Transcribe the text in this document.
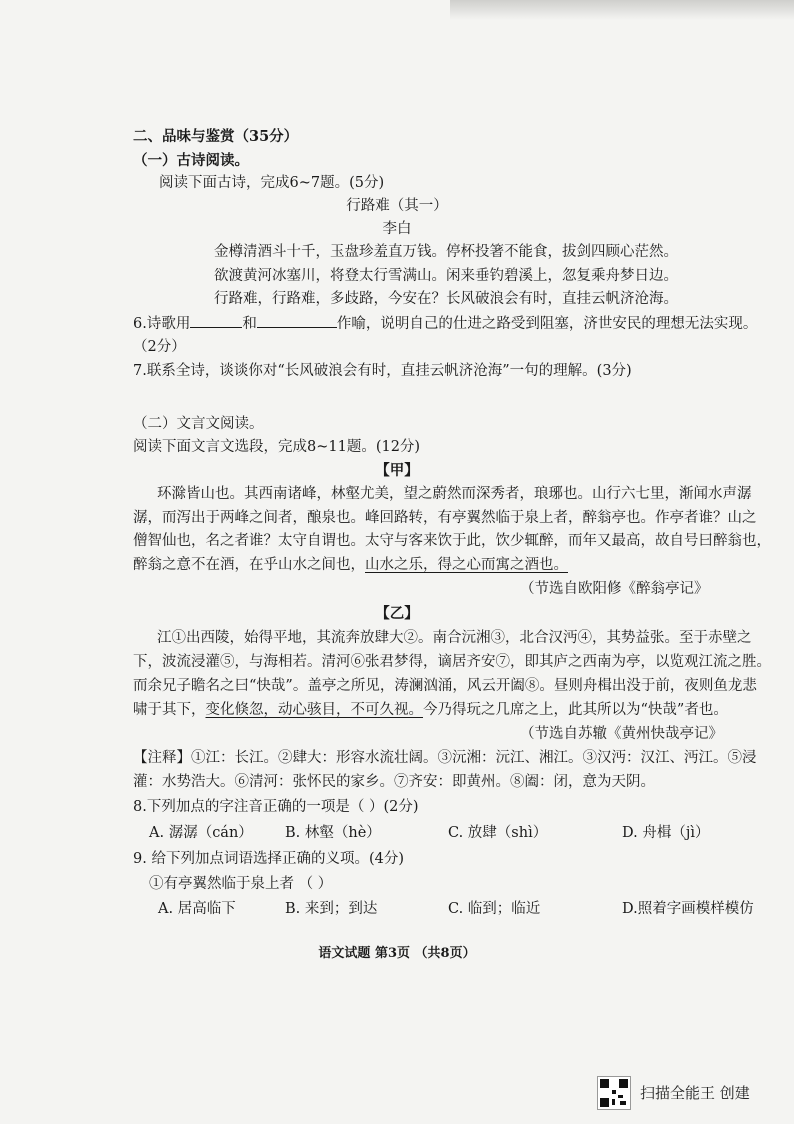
二、品味与鉴赏（35分）
（一）古诗阅读。
阅读下面古诗，完成6~7题。(5分)
行路难（其一）
李白
金樽清酒斗十千，玉盘珍羞直万钱。停杯投箸不能食，拔剑四顾心茫然。
欲渡黄河冰塞川，将登太行雪满山。闲来垂钓碧溪上，忽复乘舟梦日边。
行路难，行路难，多歧路，今安在？长风破浪会有时，直挂云帆济沧海。
6.诗歌用	和	作喻，说明自己的仕进之路受到阻塞，济世安民的理想无法实现。
（2分）
7.联系全诗，谈谈你对“长风破浪会有时，直挂云帆济沧海”一句的理解。(3分)
（二）文言文阅读。
阅读下面文言文选段，完成8~11题。(12分)
【甲】
环滁皆山也。其西南诸峰，林壑尤美，望之蔚然而深秀者，琅琊也。山行六七里，渐闻水声潺
潺，而泻出于两峰之间者，酿泉也。峰回路转，有亭翼然临于泉上者，醉翁亭也。作亭者谁？山之
僧智仙也，名之者谁？太守自谓也。太守与客来饮于此，饮少辄醉，而年又最高，故自号曰醉翁也，
醉翁之意不在酒，在乎山水之间也，山水之乐，得之心而寓之酒也。
（节选自欧阳修《醉翁亭记》
【乙】
江①出西陵，始得平地，其流奔放肆大②。南合沅湘③，北合汉沔④，其势益张。至于赤壁之
下，波流浸灌⑤，与海相若。清河⑥张君梦得，谪居齐安⑦，即其庐之西南为亭，以览观江流之胜。
而余兄子瞻名之曰“快哉”。盖亭之所见，涛澜汹涌，风云开阖⑧。昼则舟楫出没于前，夜则鱼龙悲
啸于其下，变化倏忽，动心骇目，不可久视。今乃得玩之几席之上，此其所以为“快哉”者也。
（节选自苏辙《黄州快哉亭记》
【注释】①江：长江。②肆大：形容水流壮阔。③沅湘：沅江、湘江。③汉沔：汉江、沔江。⑤浸
灌：水势浩大。⑥清河：张怀民的家乡。⑦齐安：即黄州。⑧阖：闭，意为天阴。
8.下列加点的字注音正确的一项是（ ）(2分)
A. 潺潺（cán） B. 林壑（hè）	C. 放肆（shì）	D. 舟楫（jì）
9. 给下列加点词语选择正确的义项。(4分)
①有亭翼然临于泉上者 （ ）
A. 居高临下	B. 来到；到达	C. 临到；临近	D.照着字画模样模仿
语文试题 第3页 （共8页）
扫描全能王 创建
